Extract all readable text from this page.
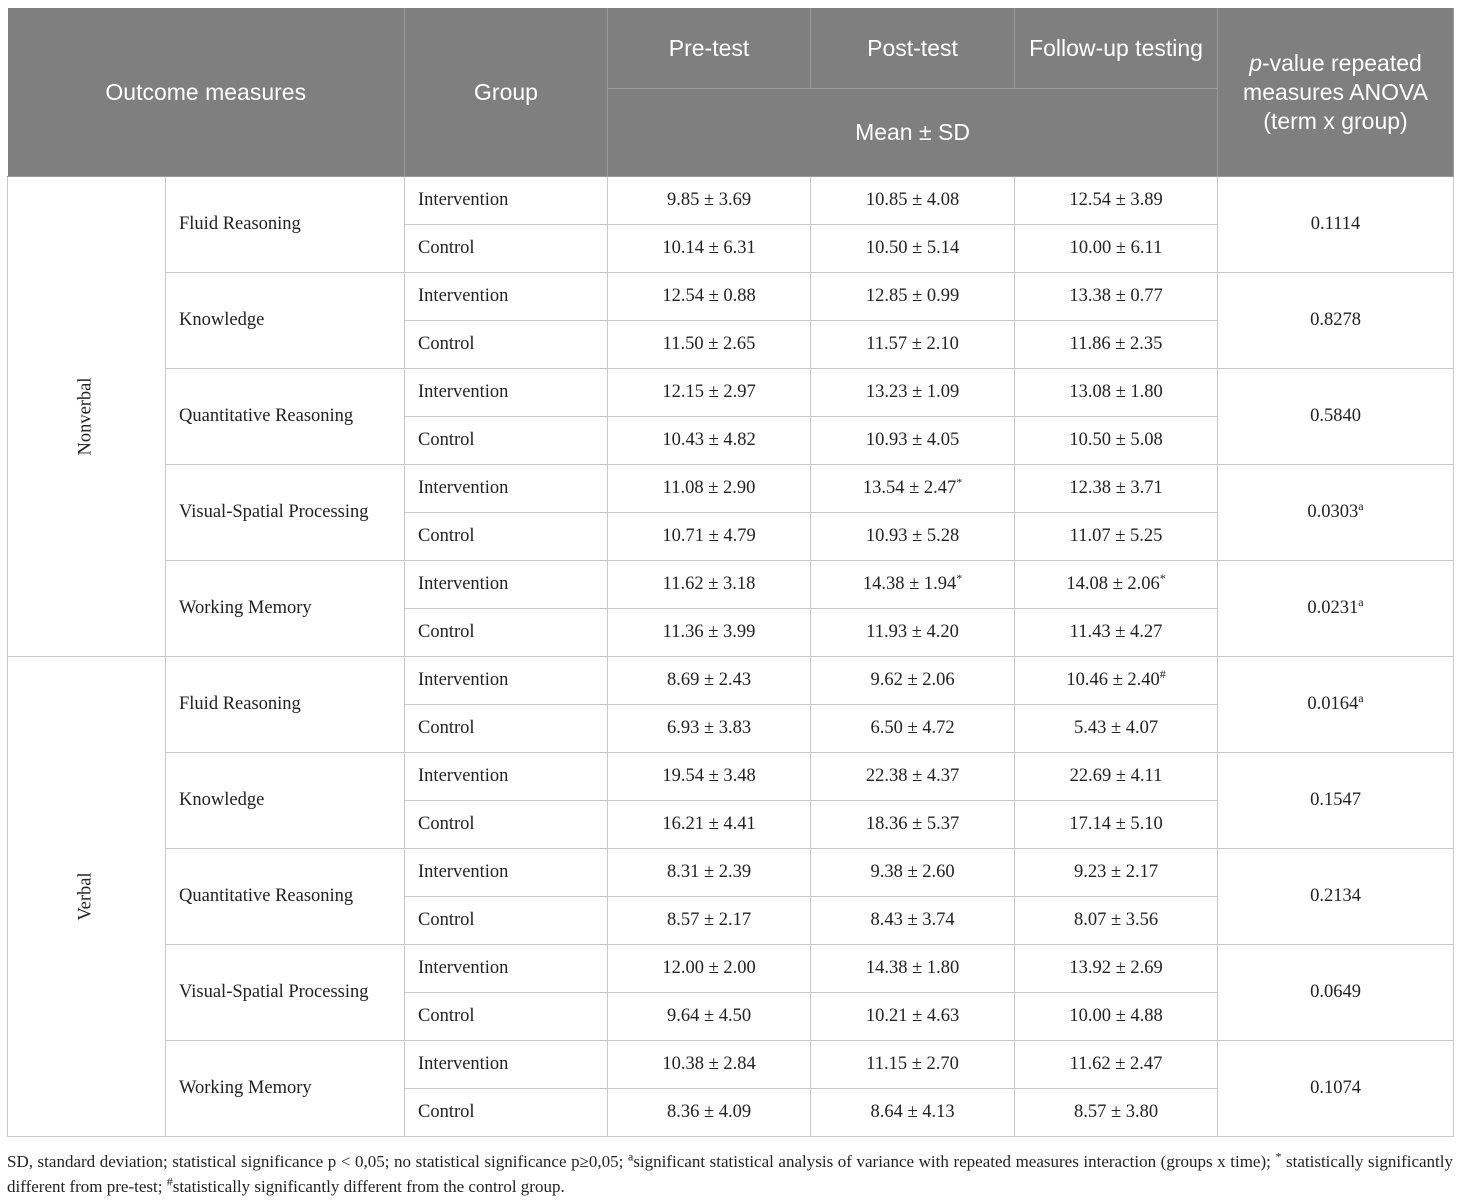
Outcome measures		Group	Pre-test	Post-test	Follow-up testing	p-value repeated measures ANOVA (term x group)
			Mean ± SD			
Nonverbal	Fluid Reasoning	Intervention	9.85 ± 3.69	10.85 ± 4.08	12.54 ± 3.89	0.1114
		Control	10.14 ± 6.31	10.50 ± 5.14	10.00 ± 6.11	
	Knowledge	Intervention	12.54 ± 0.88	12.85 ± 0.99	13.38 ± 0.77	0.8278
		Control	11.50 ± 2.65	11.57 ± 2.10	11.86 ± 2.35	
	Quantitative Reasoning	Intervention	12.15 ± 2.97	13.23 ± 1.09	13.08 ± 1.80	0.5840
		Control	10.43 ± 4.82	10.93 ± 4.05	10.50 ± 5.08	
	Visual-Spatial Processing	Intervention	11.08 ± 2.90	13.54 ± 2.47*	12.38 ± 3.71	0.0303$^a$
		Control	10.71 ± 4.79	10.93 ± 5.28	11.07 ± 5.25	
	Working Memory	Intervention	11.62 ± 3.18	14.38 ± 1.94*	14.08 ± 2.06*	0.0231$^a$
		Control	11.36 ± 3.99	11.93 ± 4.20	11.43 ± 4.27	
Verbal	Fluid Reasoning	Intervention	8.69 ± 2.43	9.62 ± 2.06	10.46 ± 2.40#	0.0164$^a$
		Control	6.93 ± 3.83	6.50 ± 4.72	5.43 ± 4.07	
	Knowledge	Intervention	19.54 ± 3.48	22.38 ± 4.37	22.69 ± 4.11	0.1547
		Control	16.21 ± 4.41	18.36 ± 5.37	17.14 ± 5.10	
	Quantitative Reasoning	Intervention	8.31 ± 2.39	9.38 ± 2.60	9.23 ± 2.17	0.2134
		Control	8.57 ± 2.17	8.43 ± 3.74	8.07 ± 3.56	
	Visual-Spatial Processing	Intervention	12.00 ± 2.00	14.38 ± 1.80	13.92 ± 2.69	0.0649
		Control	9.64 ± 4.50	10.21 ± 4.63	10.00 ± 4.88	
	Working Memory	Intervention	10.38 ± 2.84	11.15 ± 2.70	11.62 ± 2.47	0.1074
		Control	8.36 ± 4.09	8.64 ± 4.13	8.57 ± 3.80	
SD, standard deviation; statistical significance p < 0,05; no statistical significance p≥0,05; $^a$significant statistical analysis of variance with repeated measures interaction (groups x time); * statistically significantly different from pre-test; #statistically significantly different from the control group.
